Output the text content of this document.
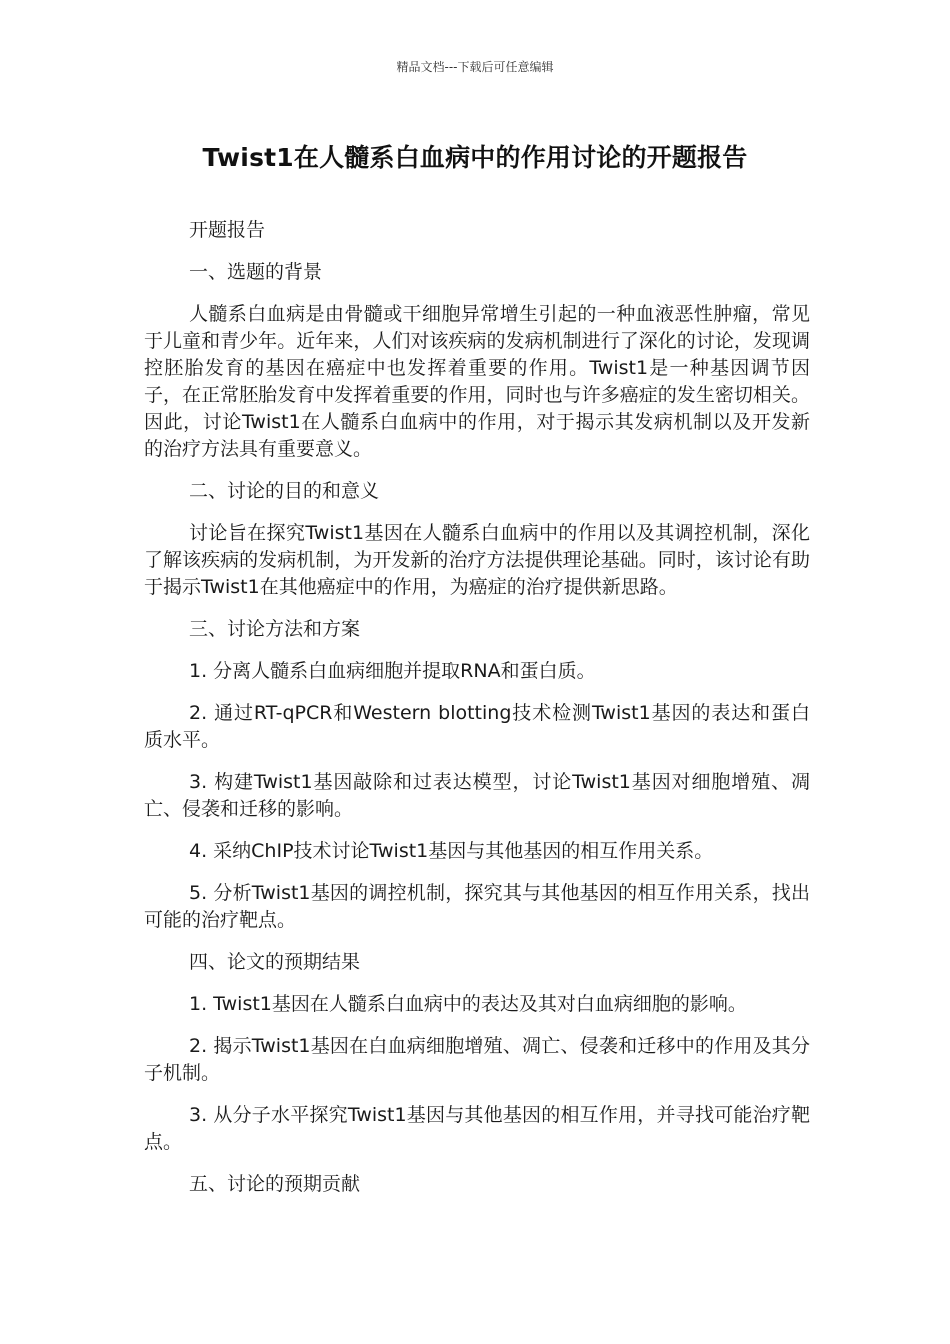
精品文档---下载后可任意编辑
Twist1在人髓系白血病中的作用讨论的开题报告

开题报告

一、选题的背景

人髓系白血病是由骨髓或干细胞异常增生引起的一种血液恶性肿瘤，常见于儿童和青少年。近年来，人们对该疾病的发病机制进行了深化的讨论，发现调控胚胎发育的基因在癌症中也发挥着重要的作用。Twist1是一种基因调节因子，在正常胚胎发育中发挥着重要的作用，同时也与许多癌症的发生密切相关。因此，讨论Twist1在人髓系白血病中的作用，对于揭示其发病机制以及开发新的治疗方法具有重要意义。

二、讨论的目的和意义

讨论旨在探究Twist1基因在人髓系白血病中的作用以及其调控机制，深化了解该疾病的发病机制，为开发新的治疗方法提供理论基础。同时，该讨论有助于揭示Twist1在其他癌症中的作用，为癌症的治疗提供新思路。

三、讨论方法和方案

1. 分离人髓系白血病细胞并提取RNA和蛋白质。

2. 通过RT-qPCR和Western blotting技术检测Twist1基因的表达和蛋白质水平。

3. 构建Twist1基因敲除和过表达模型，讨论Twist1基因对细胞增殖、凋亡、侵袭和迁移的影响。

4. 采纳ChIP技术讨论Twist1基因与其他基因的相互作用关系。

5. 分析Twist1基因的调控机制，探究其与其他基因的相互作用关系，找出可能的治疗靶点。

四、论文的预期结果

1. Twist1基因在人髓系白血病中的表达及其对白血病细胞的影响。

2. 揭示Twist1基因在白血病细胞增殖、凋亡、侵袭和迁移中的作用及其分子机制。

3. 从分子水平探究Twist1基因与其他基因的相互作用，并寻找可能治疗靶点。

五、讨论的预期贡献
